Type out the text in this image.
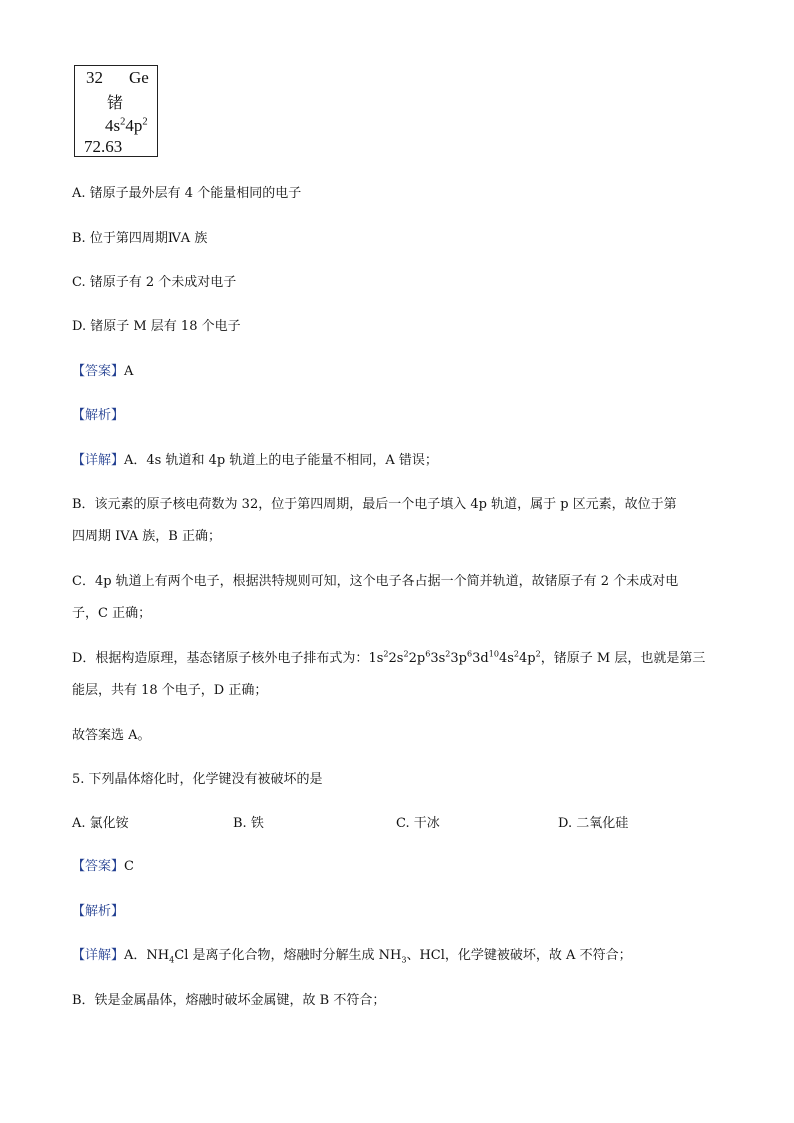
32 Ge
锗
$4s^24p^2$
72.63
A. 锗原子最外层有 4 个能量相同的电子
B. 位于第四周期ⅣA 族
C. 锗原子有 2 个未成对电子
D. 锗原子 M 层有 18 个电子
【答案】A
【解析】
【详解】A．4s 轨道和 4p 轨道上的电子能量不相同，A 错误；
B．该元素的原子核电荷数为 32，位于第四周期，最后一个电子填入 4p 轨道，属于 p 区元素，故位于第
四周期 IVA 族，B 正确；
C．4p 轨道上有两个电子，根据洪特规则可知，这个电子各占据一个简并轨道，故锗原子有 2 个未成对电
子，C 正确；
D．根据构造原理，基态锗原子核外电子排布式为：$1s^22s^22p^63s^23p^63d^{10}4s^24p^2$，锗原子 M 层，也就是第三
能层，共有 18 个电子，D 正确；
故答案选 A。
5. 下列晶体熔化时，化学键没有被破坏的是
A. 氯化铵	B. 铁	C. 干冰	D. 二氧化硅
【答案】C
【解析】
【详解】A．$NH_4Cl$ 是离子化合物，熔融时分解生成 $NH_3$、HCl，化学键被破坏，故 A 不符合；
B．铁是金属晶体，熔融时破坏金属键，故 B 不符合；
